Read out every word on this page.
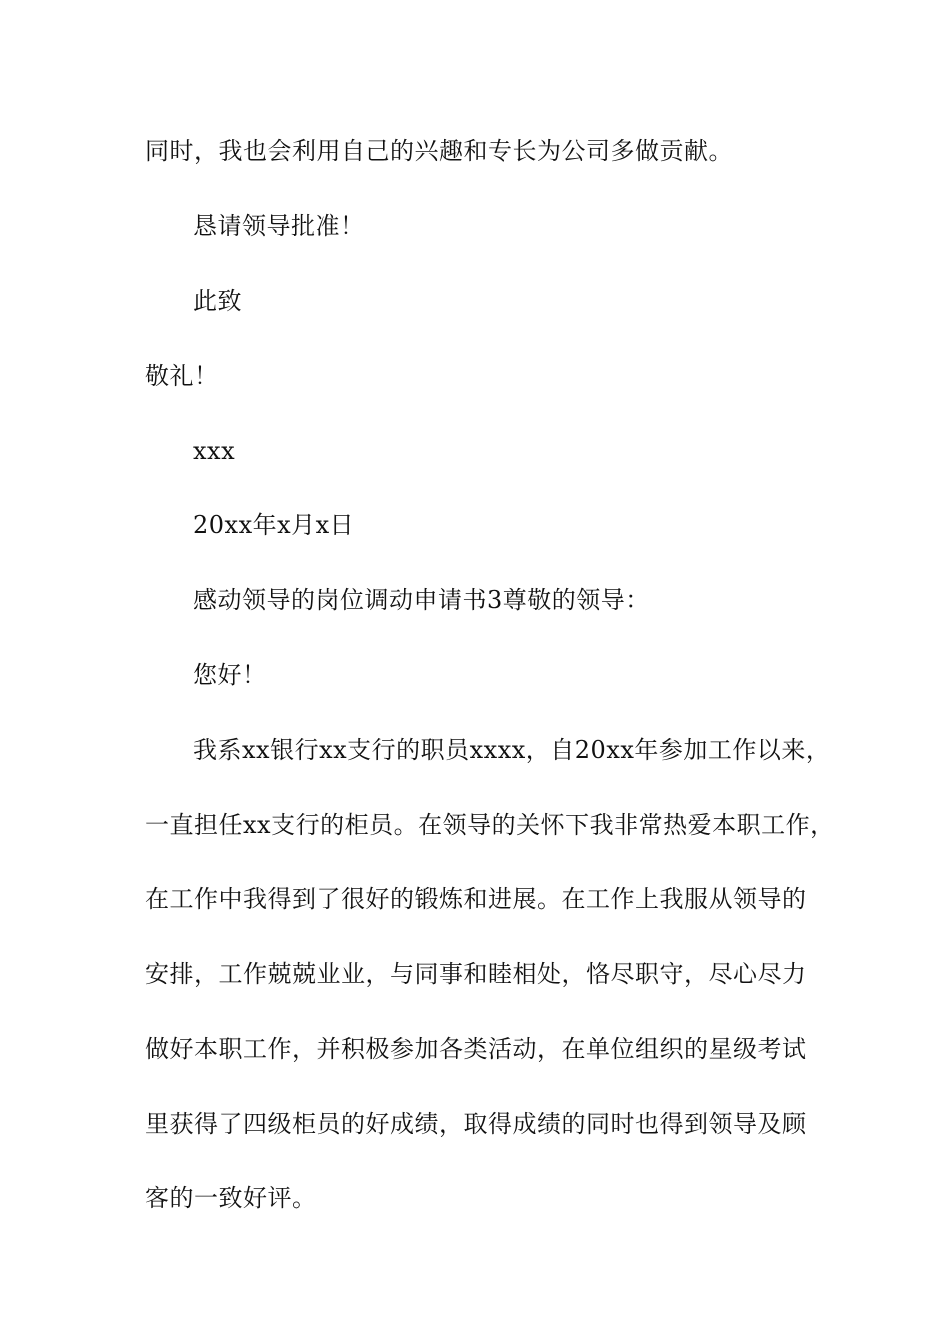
同时，我也会利用自己的兴趣和专长为公司多做贡献。
恳请领导批准！
此致
敬礼！
xxx
20xx年x月x日
感动领导的岗位调动申请书3尊敬的领导：
您好！
我系xx银行xx支行的职员xxxx，自20xx年参加工作以来，
一直担任xx支行的柜员。在领导的关怀下我非常热爱本职工作，
在工作中我得到了很好的锻炼和进展。在工作上我服从领导的
安排，工作兢兢业业，与同事和睦相处，恪尽职守，尽心尽力
做好本职工作，并积极参加各类活动，在单位组织的星级考试
里获得了四级柜员的好成绩，取得成绩的同时也得到领导及顾
客的一致好评。
